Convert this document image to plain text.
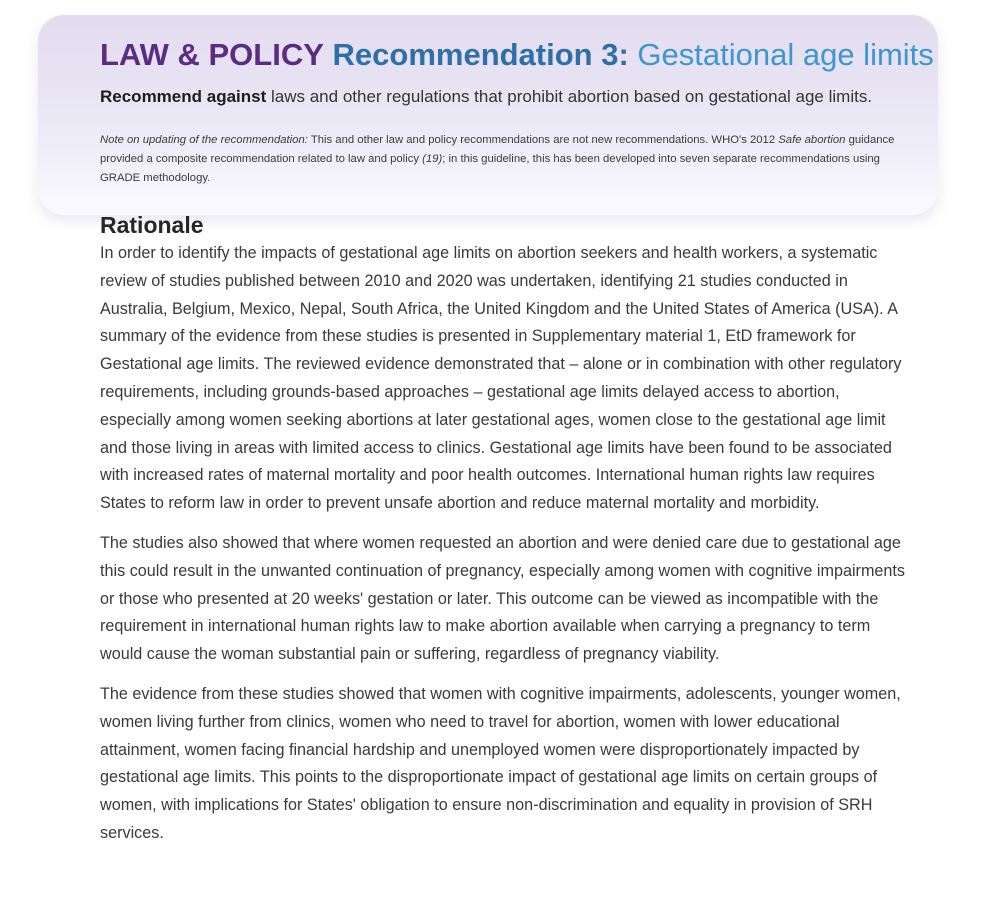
LAW & POLICY Recommendation 3: Gestational age limits
Recommend against laws and other regulations that prohibit abortion based on gestational age limits.
Note on updating of the recommendation: This and other law and policy recommendations are not new recommendations. WHO's 2012 Safe abortion guidance provided a composite recommendation related to law and policy (19); in this guideline, this has been developed into seven separate recommendations using GRADE methodology.
Rationale

In order to identify the impacts of gestational age limits on abortion seekers and health workers, a systematic review of studies published between 2010 and 2020 was undertaken, identifying 21 studies conducted in Australia, Belgium, Mexico, Nepal, South Africa, the United Kingdom and the United States of America (USA). A summary of the evidence from these studies is presented in Supplementary material 1, EtD framework for Gestational age limits. The reviewed evidence demonstrated that – alone or in combination with other regulatory requirements, including grounds-based approaches – gestational age limits delayed access to abortion, especially among women seeking abortions at later gestational ages, women close to the gestational age limit and those living in areas with limited access to clinics. Gestational age limits have been found to be associated with increased rates of maternal mortality and poor health outcomes. International human rights law requires States to reform law in order to prevent unsafe abortion and reduce maternal mortality and morbidity.

The studies also showed that where women requested an abortion and were denied care due to gestational age this could result in the unwanted continuation of pregnancy, especially among women with cognitive impairments or those who presented at 20 weeks' gestation or later. This outcome can be viewed as incompatible with the requirement in international human rights law to make abortion available when carrying a pregnancy to term would cause the woman substantial pain or suffering, regardless of pregnancy viability.

The evidence from these studies showed that women with cognitive impairments, adolescents, younger women, women living further from clinics, women who need to travel for abortion, women with lower educational attainment, women facing financial hardship and unemployed women were disproportionately impacted by gestational age limits. This points to the disproportionate impact of gestational age limits on certain groups of women, with implications for States' obligation to ensure non-discrimination and equality in provision of SRH services.
